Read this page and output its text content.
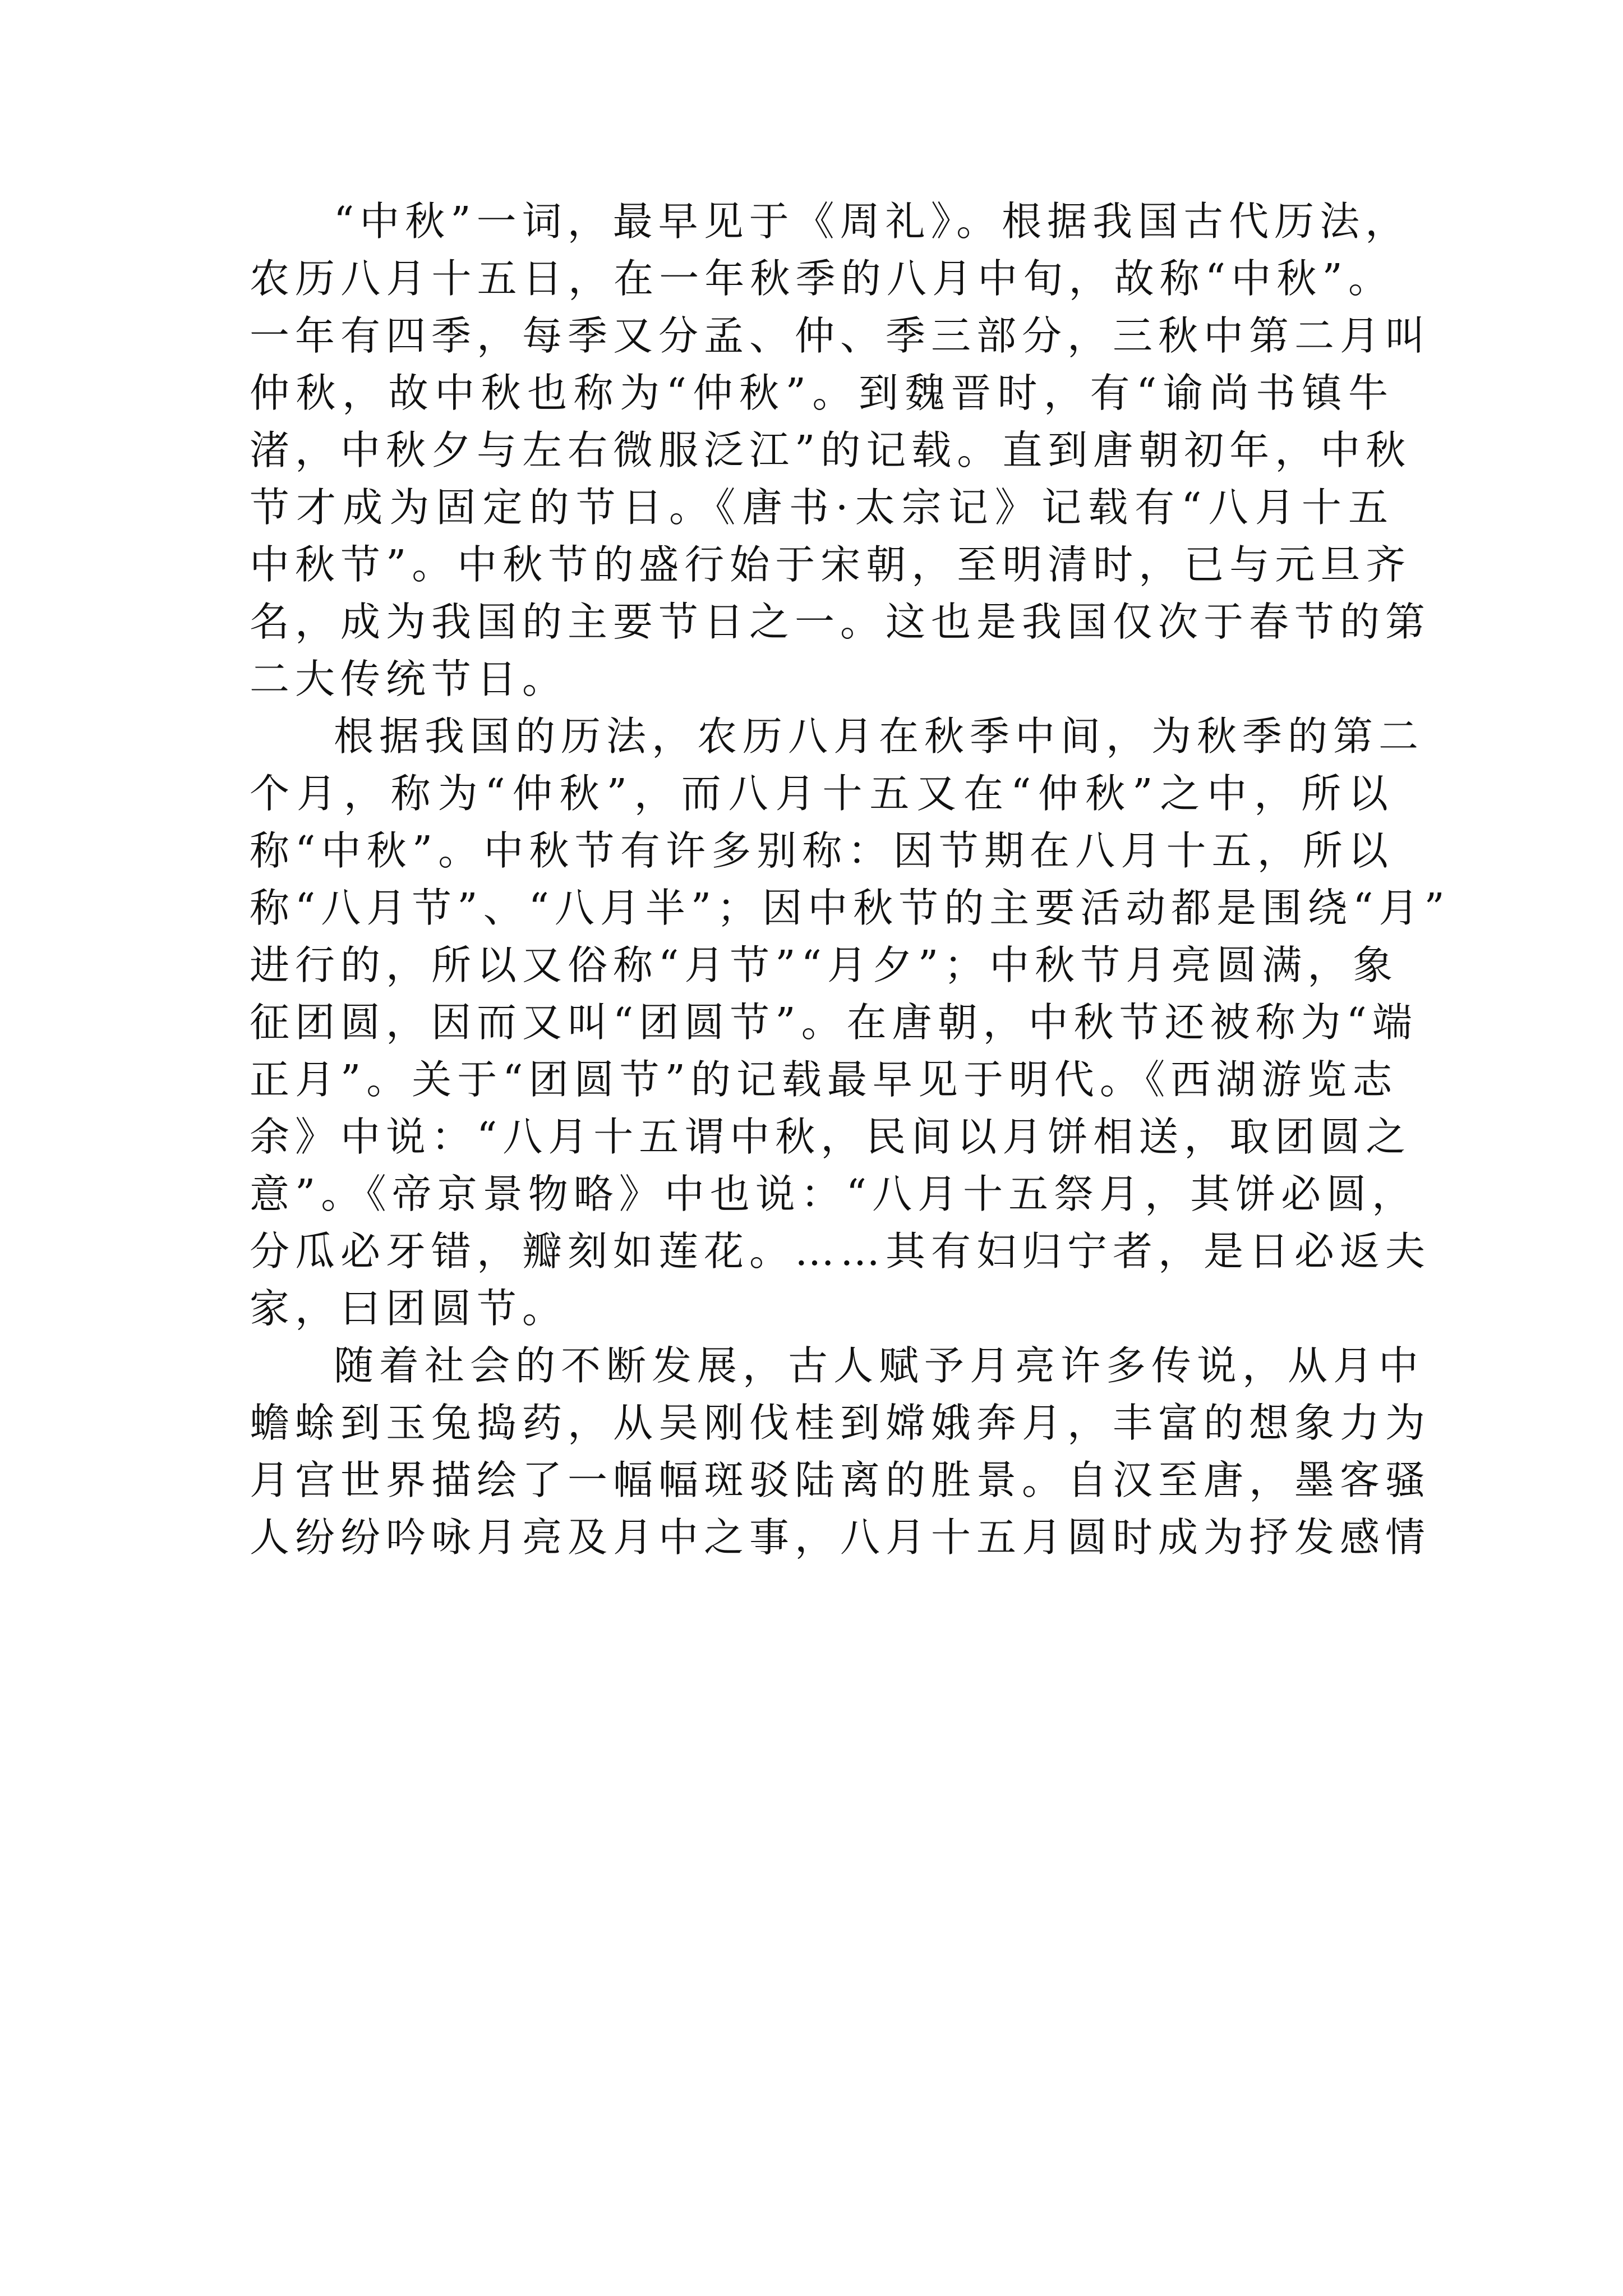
“中秋”一词，最早见于《周礼》。根据我国古代历法，
农历八月十五日，在一年秋季的八月中旬，故称“中秋”。
一年有四季，每季又分孟、仲、季三部分，三秋中第二月叫
仲秋，故中秋也称为“仲秋”。到魏晋时，有“谕尚书镇牛
渚，中秋夕与左右微服泛江”的记载。直到唐朝初年，中秋
节才成为固定的节日。《唐书·太宗记》记载有“八月十五
中秋节”。中秋节的盛行始于宋朝，至明清时，已与元旦齐
名，成为我国的主要节日之一。这也是我国仅次于春节的第
二大传统节日。
根据我国的历法，农历八月在秋季中间，为秋季的第二
个月，称为“仲秋”，而八月十五又在“仲秋”之中，所以
称“中秋”。中秋节有许多别称：因节期在八月十五，所以
称“八月节”、“八月半”；因中秋节的主要活动都是围绕“月”
进行的，所以又俗称“月节”“月夕”；中秋节月亮圆满，象
征团圆，因而又叫“团圆节”。在唐朝，中秋节还被称为“端
正月”。关于“团圆节”的记载最早见于明代。《西湖游览志
余》中说：“八月十五谓中秋，民间以月饼相送，取团圆之
意”。《帝京景物略》中也说：“八月十五祭月，其饼必圆，
分瓜必牙错，瓣刻如莲花。……其有妇归宁者，是日必返夫
家，曰团圆节。
随着社会的不断发展，古人赋予月亮许多传说，从月中
蟾蜍到玉兔捣药，从吴刚伐桂到嫦娥奔月，丰富的想象力为
月宫世界描绘了一幅幅斑驳陆离的胜景。自汉至唐，墨客骚
人纷纷吟咏月亮及月中之事，八月十五月圆时成为抒发感情
